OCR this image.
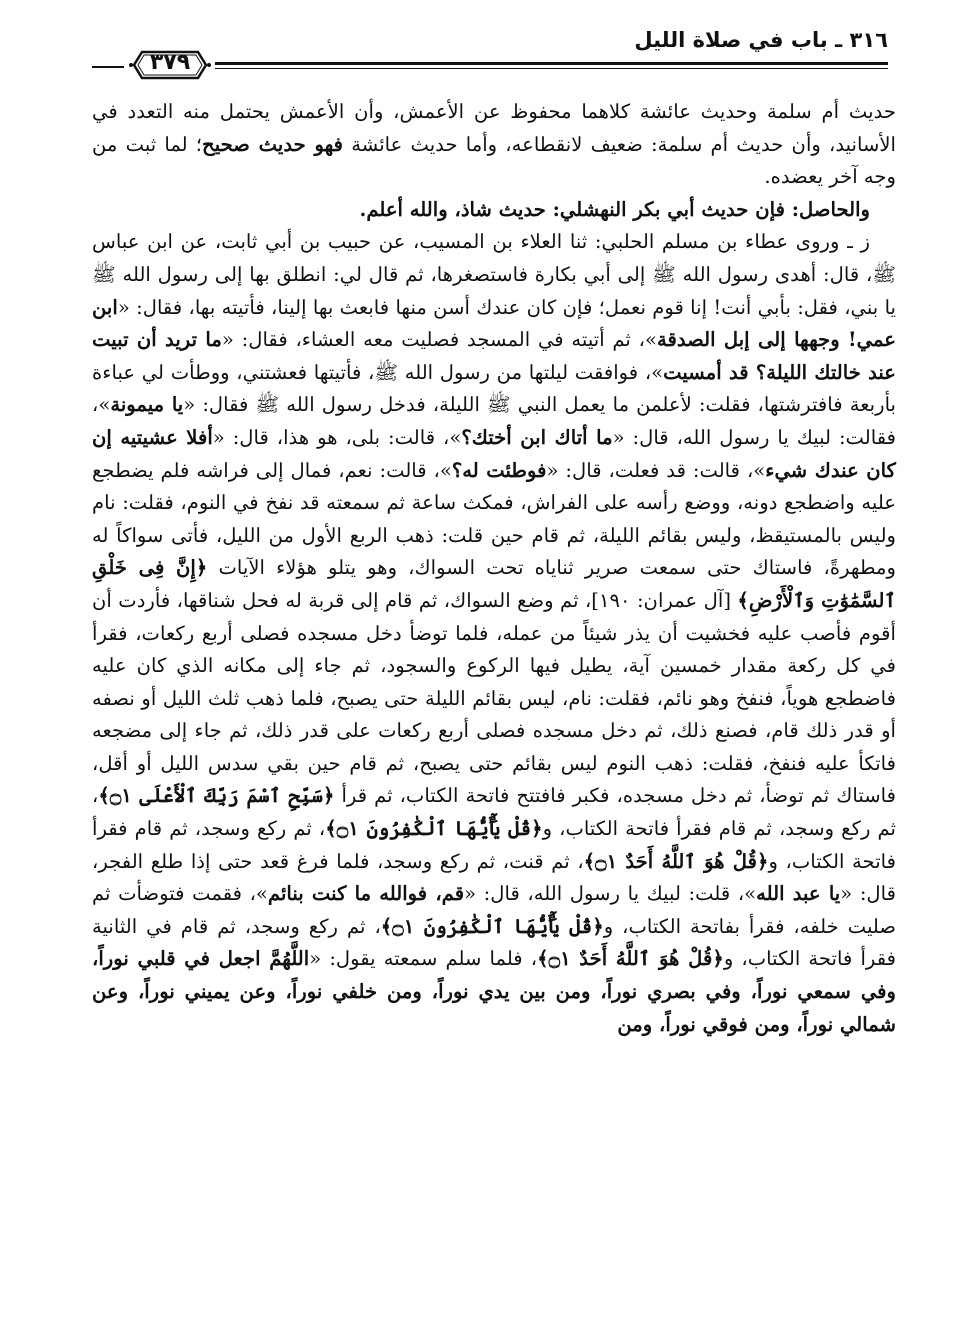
٣١٦ ـ باب في صلاة الليل
٣٧٩

حديث أم سلمة وحديث عائشة كلاهما محفوظ عن الأعمش، وأن الأعمش يحتمل منه التعدد في الأسانيد، وأن حديث أم سلمة: ضعيف لانقطاعه، وأما حديث عائشة فهو حديث صحيح؛ لما ثبت من وجه آخر يعضده.

والحاصل: فإن حديث أبي بكر النهشلي: حديث شاذ، والله أعلم.

ز ـ وروى عطاء بن مسلم الحلبي: ثنا العلاء بن المسيب، عن حبيب بن أبي ثابت، عن ابن عباس ﷺ، قال: أهدى رسول الله ﷺ إلى أبي بكارة فاستصغرها، ثم قال لي: انطلق بها إلى رسول الله ﷺ يا بني، فقل: بأبي أنت! إنا قوم نعمل؛ فإن كان عندك أسن منها فابعث بها إلينا، فأتيته بها، فقال: «ابن عمي! وجهها إلى إبل الصدقة»، ثم أتيته في المسجد فصليت معه العشاء، فقال: «ما تريد أن تبيت عند خالتك الليلة؟ قد أمسيت»، فوافقت ليلتها من رسول الله ﷺ، فأتيتها فعشتني، ووطأت لي عباءة بأربعة فافترشتها، فقلت: لأعلمن ما يعمل النبي ﷺ الليلة، فدخل رسول الله ﷺ فقال: «يا ميمونة»، فقالت: لبيك يا رسول الله، قال: «ما أتاك ابن أختك؟»، قالت: بلى، هو هذا، قال: «أفلا عشيتيه إن كان عندك شيء»، قالت: قد فعلت، قال: «فوطئت له؟»، قالت: نعم، فمال إلى فراشه فلم يضطجع عليه واضطجع دونه، ووضع رأسه على الفراش، فمكث ساعة ثم سمعته قد نفخ في النوم، فقلت: نام وليس بالمستيقظ، وليس بقائم الليلة، ثم قام حين قلت: ذهب الربع الأول من الليل، فأتى سواكاً له ومطهرةً، فاستاك حتى سمعت صرير ثناياه تحت السواك، وهو يتلو هؤلاء الآيات ﴿إِنَّ فِى خَلْقِ ٱلسَّمَٰوَٰتِ وَٱلْأَرْضِ﴾ [آل عمران: ١٩٠]، ثم وضع السواك، ثم قام إلى قربة له فحل شناقها، فأردت أن أقوم فأصب عليه فخشيت أن يذر شيئاً من عمله، فلما توضأ دخل مسجده فصلى أربع ركعات، فقرأ في كل ركعة مقدار خمسين آية، يطيل فيها الركوع والسجود، ثم جاء إلى مكانه الذي كان عليه فاضطجع هوياً، فنفخ وهو نائم، فقلت: نام، ليس بقائم الليلة حتى يصبح، فلما ذهب ثلث الليل أو نصفه أو قدر ذلك قام، فصنع ذلك، ثم دخل مسجده فصلى أربع ركعات على قدر ذلك، ثم جاء إلى مضجعه فاتكأ عليه فنفخ، فقلت: ذهب النوم ليس بقائم حتى يصبح، ثم قام حين بقي سدس الليل أو أقل، فاستاك ثم توضأ، ثم دخل مسجده، فكبر فافتتح فاتحة الكتاب، ثم قرأ ﴿سَبِّحِ ٱسْمَ رَبِّكَ ٱلْأَعْلَى ۝١﴾، ثم ركع وسجد، ثم قام فقرأ فاتحة الكتاب، و﴿قُلْ يَٰٓأَيُّهَا ٱلْكَٰفِرُونَ ۝١﴾، ثم ركع وسجد، ثم قام فقرأ فاتحة الكتاب، و﴿قُلْ هُوَ ٱللَّهُ أَحَدٌ ۝١﴾، ثم قنت، ثم ركع وسجد، فلما فرغ قعد حتى إذا طلع الفجر، قال: «يا عبد الله»، قلت: لبيك يا رسول الله، قال: «قم، فوالله ما كنت بنائم»، فقمت فتوضأت ثم صليت خلفه، فقرأ بفاتحة الكتاب، و﴿قُلْ يَٰٓأَيُّهَا ٱلْكَٰفِرُونَ ۝١﴾، ثم ركع وسجد، ثم قام في الثانية فقرأ فاتحة الكتاب، و﴿قُلْ هُوَ ٱللَّهُ أَحَدٌ ۝١﴾، فلما سلم سمعته يقول: «اللَّهُمَّ اجعل في قلبي نوراً، وفي سمعي نوراً، وفي بصري نوراً، ومن بين يدي نوراً، ومن خلفي نوراً، وعن يميني نوراً، وعن شمالي نوراً، ومن فوقي نوراً، ومن
